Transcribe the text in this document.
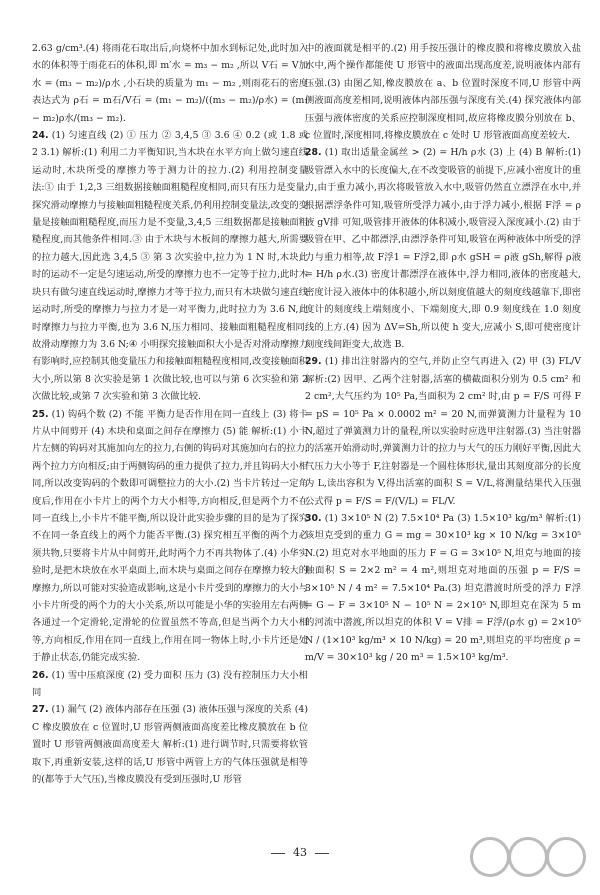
2.63 g/cm³.(4) 将雨花石取出后,向烧杯中加水到标记处,此时加入水的体积等于雨花石的体积,即 m′水 = m₃ − m₂ ,所以 V石 = V加水 = (m₃ − m₂)/ρ水 ,小石块的质量为 m₁ − m₂ ,则雨花石的密度表达式为 ρ石 = m石/V石 = (m₁ − m₂)/((m₃ − m₂)/ρ水) = (m₁ − m₂)ρ水/(m₃ − m₂).

24. (1) 匀速直线 (2) ① 压力 ② 3,4,5 ③ 3.6 ④ 0.2 (或 1.8 或 2 3.1) 解析:(1) 利用二力平衡知识,当木块在水平方向上做匀速直线运动时,木块所受的摩擦力等于测力计的拉力.(2) 利用控制变量法:① 由于 1,2,3 三组数据接触面粗糙程度相同,而只有压力是变量;探究滑动摩擦力与接触面粗糙程度关系,仍利用控制变量法,改变的变量是接触面粗糙程度,而压力是不变量,3,4,5 三组数据都是接触面粗糙程度,而其他条件相同.③ 由于木块与木板间的摩擦力越大,所需要的拉力越大,因此选 3,4,5 ③ 第 3 次实验中,拉力为 1 N 时,木块此时的运动不一定是匀速运动,所受的摩擦力也不一定等于拉力,此时木块只有做匀速直线运动时,摩擦力才等于拉力,而只有木块做匀速直线运动时,所受的摩擦力与拉力才是一对平衡力,此时拉力为 3.6 N,此时摩擦力与拉力平衡,也为 3.6 N,压力相同、接触面粗糙程度相同,故滑动摩擦力为 3.6 N;④ 小明探究接触面积大小是否对滑动摩擦力有影响时,应控制其他变量压力和接触面粗糙程度相同,改变接触面积大小,所以第 8 次实验是第 1 次做比较,也可以与第 6 次实验和第 2 次做比较,或第 7 次实验和第 3 次做比较.

25. (1) 钩码个数 (2) 不能 平衡力是否作用在同一直线上 (3) 将卡片从中间剪开 (4) 木块和桌面之间存在摩擦力 (5) 能 解析:(1) 小卡片左侧的钩码对其施加向左的拉力,右侧的钩码对其施加向右的拉力,两个拉力方向相反;由于两侧钩码的重力提供了拉力,并且钩码大小相同,所以改变钩码的个数即可调整拉力的大小.(2) 当卡片转过一定角度后,作用在小卡片上的两个力大小相等,方向相反,但是两个力不在同一直线上,小卡片不能平衡,所以设计此实验步骤的目的是为了探究不在同一条直线上的两个力能否平衡.(3) 探究相互平衡的两个力必须共物,只要将卡片从中间剪开,此时两个力不再共物体了.(4) 小华实验时,是把木块放在水平桌面上,而木块与桌面之间存在摩擦力较大的摩擦力,所以可能对实验造成影响,这是小卡片受到的摩擦力的大小与小卡片所受的两个力的大小关系,所以可能是小华的实验用左右两侧各通过一个定滑轮,定滑轮的位置虽然不等高,但是当两个力大小相等,方向相反,作用在同一直线上,作用在同一物体上时,小卡片还是处于静止状态,仍能完成实验.

26. (1) 雪中压痕深度 (2) 受力面积 压力 (3) 没有控制压力大小相同

27. (1) 漏气 (2) 液体内部存在压强 (3) 液体压强与深度的关系 (4) C 橡皮膜放在 c 位置时,U 形管两侧液面高度差比橡皮膜放在 b 位置时 U 形管两侧液面高度差大 解析:(1) 进行调节时,只需要将软管取下,再重新安装,这样的话,U 形管中两管上方的气体压强就是相等的(都等于大气压),当橡皮膜没有受到压强时,U 形管

中的液面就是相平的.(2) 用手按压强计的橡皮膜和将橡皮膜放入盐水中,两个操作都能使 U 形管中的液面出现高度差,说明液体内部有压强.(3) 由图乙知,橡皮膜放在 a、b 位置时深度不同,U 形管中两侧液面高度差相同,说明液体内部压强与深度有关.(4) 探究液体内部压强与液体密度的关系应控制深度相同,故应将橡皮膜分别放在 b、c 位置时,深度相同,将橡皮膜放在 c 处时 U 形管液面高度差较大.

28. (1) 取出适量金属丝 > (2) = H/h ρ水 (3) 上 (4) B 解析:(1) 吸管漂入水中的长度偏大,在不改变吸管的前提下,应减小密度计的重力,由于重力减小,再次将吸管放入水中,吸管仍然直立漂浮在水中,并根据漂浮条件可知,吸管所受浮力减小,由于浮力减小,根据 F浮 = ρ液 gV排 可知,吸管排开液体的体积减小,吸管浸入深度减小.(2) 由于吸管在甲、乙中都漂浮,由漂浮条件可知,吸管在两种液体中所受的浮力与重力相等,故 F浮1 = F浮2,即 ρ水 gSH = ρ液 gSh,解得 ρ液 = H/h ρ水.(3) 密度计都漂浮在液体中,浮力相同,液体的密度越大,密度计浸入液体中的体积越小,所以刻度值越大的刻度线越靠下,即密度计的刻度线上端刻度小、下端刻度大,即 0.9 刻度线在 1.0 刻度线的上方.(4) 因为 ΔV=Sh,所以使 h 变大,应减小 S,即可使密度计刻度线间距变大,故选 B.

29. (1) 排出注射器内的空气,并防止空气再进入 (2) 甲 (3) FL/V 解析:(2) 因甲、乙两个注射器,活塞的横截面积分别为 0.5 cm² 和 2 cm²,大气压约为 10⁵ Pa,当面积为 2 cm² 时,由 p = F/S 可得 F = pS = 10⁵ Pa × 0.0002 m² = 20 N,而弹簧测力计量程为 10 N,超过了弹簧测力计的量程,所以实验时应选甲注射器.(3) 当注射器的活塞开始滑动时,弹簧测力计的拉力与大气的压力刚好平衡,因此大气压力大小等于 F,注射器是一个圆柱体形状,量出其刻度部分的长度为 L,读出容积为 V,得出活塞的面积 S = V/L,将测量结果代入压强公式得 p = F/S = F/(V/L) = FL/V.

30. (1) 3×10⁵ N (2) 7.5×10⁴ Pa (3) 1.5×10³ kg/m³ 解析:(1) 该坦克受到的重力 G = mg = 30×10³ kg × 10 N/kg = 3×10⁵ N.(2) 坦克对水平地面的压力 F = G = 3×10⁵ N,坦克与地面的接触面积 S = 2×2 m² = 4 m²,则坦克对地面的压强 p = F/S = 3×10⁵ N / 4 m² = 7.5×10⁴ Pa.(3) 坦克潜渡时所受的浮力 F浮 = G − F = 3×10⁵ N − 10⁵ N = 2×10⁵ N,即坦克在深为 5 m 的河流中潜渡,所以坦克的体积 V = V排 = F浮/(ρ水 g) = 2×10⁵ N / (1×10³ kg/m³ × 10 N/kg) = 20 m³,则坦克的平均密度 ρ = m/V = 30×10³ kg / 20 m³ = 1.5×10³ kg/m³.

43
